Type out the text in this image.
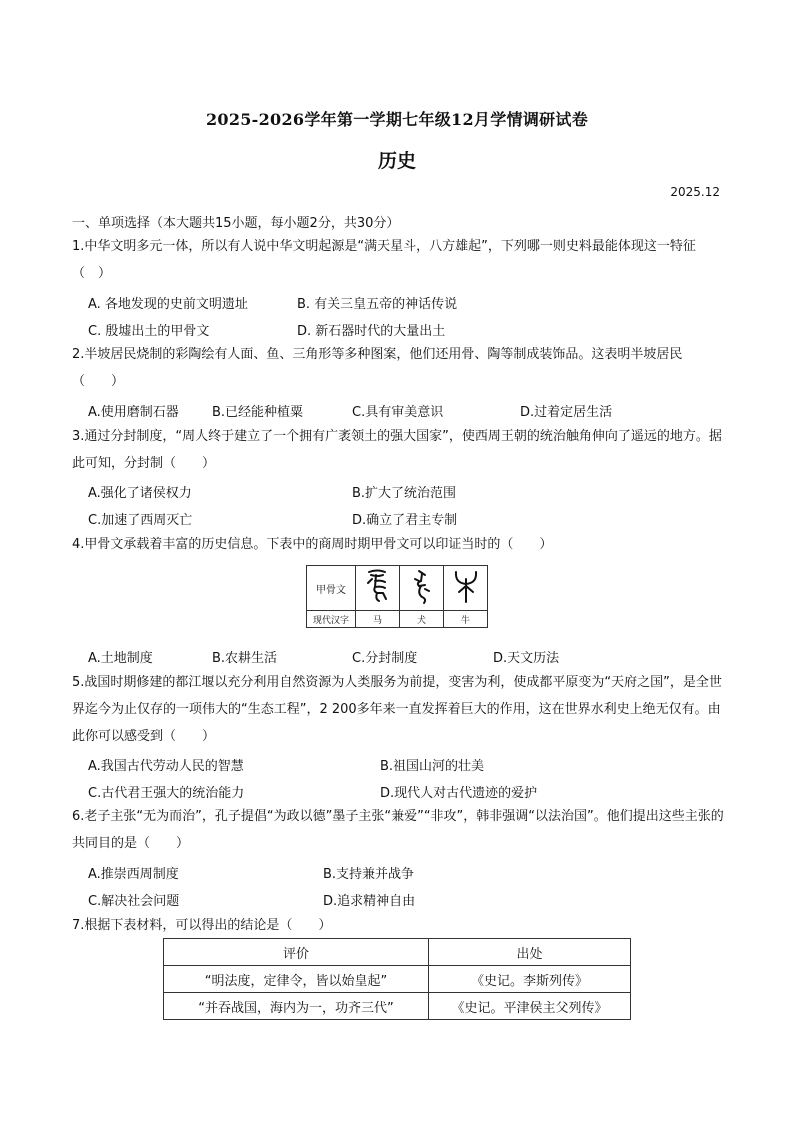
2025-2026学年第一学期七年级12月学情调研试卷
历史
2025.12
一、单项选择（本大题共15小题，每小题2分，共30分）
1.中华文明多元一体，所以有人说中华文明起源是“满天星斗，八方雄起”，下列哪一则史料最能体现这一特征（　）
A. 各地发现的史前文明遗址	B. 有关三皇五帝的神话传说
C. 殷墟出土的甲骨文	D. 新石器时代的大量出土
2.半坡居民烧制的彩陶绘有人面、鱼、三角形等多种图案，他们还用骨、陶等制成装饰品。这表明半坡居民（　　）
A.使用磨制石器	B.已经能种植粟	C.具有审美意识	D.过着定居生活
3.通过分封制度，“周人终于建立了一个拥有广袤领土的强大国家”，使西周王朝的统治触角伸向了遥远的地方。据此可知，分封制（　　）
A.强化了诸侯权力	B.扩大了统治范围
C.加速了西周灭亡	D.确立了君主专制
4.甲骨文承载着丰富的历史信息。下表中的商周时期甲骨文可以印证当时的（　　）
甲骨文			
现代汉字	马	犬	牛
A.土地制度	B.农耕生活	C.分封制度	D.天文历法
5.战国时期修建的都江堰以充分利用自然资源为人类服务为前提，变害为利，使成都平原变为“天府之国”，是全世界迄今为止仅存的一项伟大的“生态工程”，2 200多年来一直发挥着巨大的作用，这在世界水利史上绝无仅有。由此你可以感受到（　　）
A.我国古代劳动人民的智慧	B.祖国山河的壮美
C.古代君王强大的统治能力	D.现代人对古代遗迹的爱护
6.老子主张“无为而治”，孔子提倡“为政以德”墨子主张“兼爱”“非攻”，韩非强调“以法治国”。他们提出这些主张的共同目的是（　　）
A.推崇西周制度	B.支持兼并战争
C.解决社会问题	D.追求精神自由
7.根据下表材料，可以得出的结论是（　　）
评价	出处
“明法度，定律令，皆以始皇起”	《史记。李斯列传》
“并吞战国，海内为一，功齐三代”	《史记。平津侯主父列传》
